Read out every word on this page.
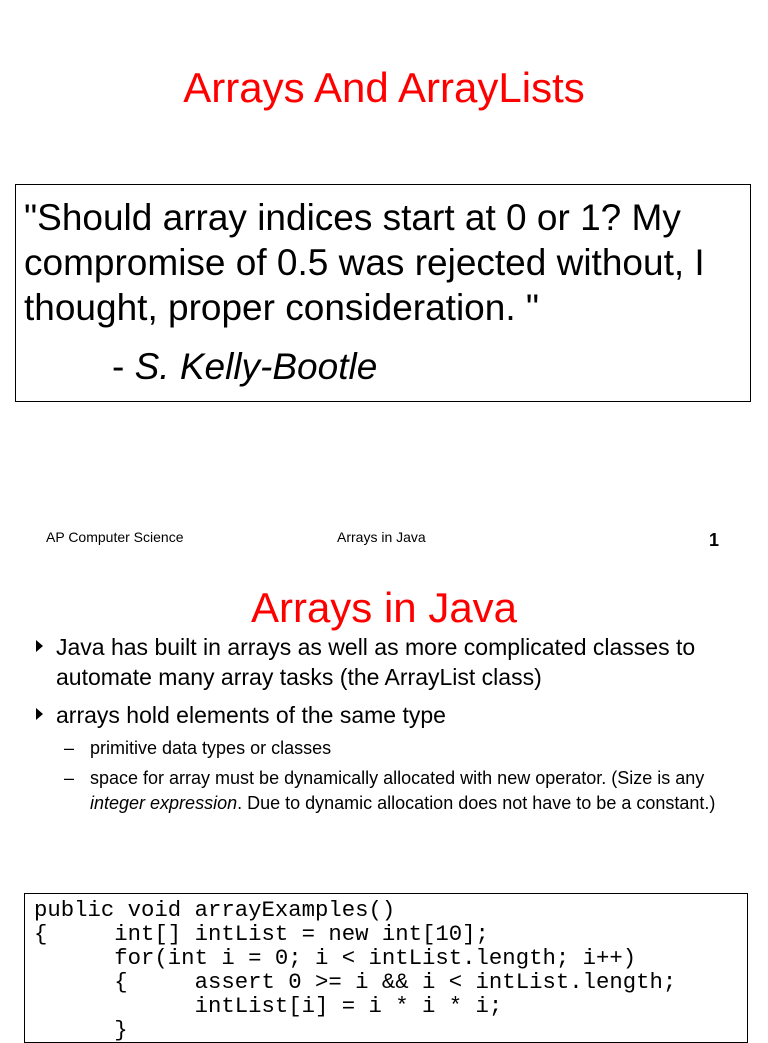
Arrays And ArrayLists
"Should array indices start at 0 or 1? My compromise of 0.5 was rejected without, I thought, proper consideration. "
- S. Kelly-Bootle
AP Computer Science	Arrays in Java	1
Arrays in Java
Java has built in arrays as well as more complicated classes to automate many array tasks (the ArrayList class)
arrays hold elements of the same type
– primitive data types or classes
– space for array must be dynamically allocated with new operator. (Size is any integer expression. Due to dynamic allocation does not have to be a constant.)
public void arrayExamples()
{     int[] intList = new int[10];
for(int i = 0; i < intList.length; i++)
{     assert 0 >= i && i < intList.length;
intList[i] = i * i * i;
}
